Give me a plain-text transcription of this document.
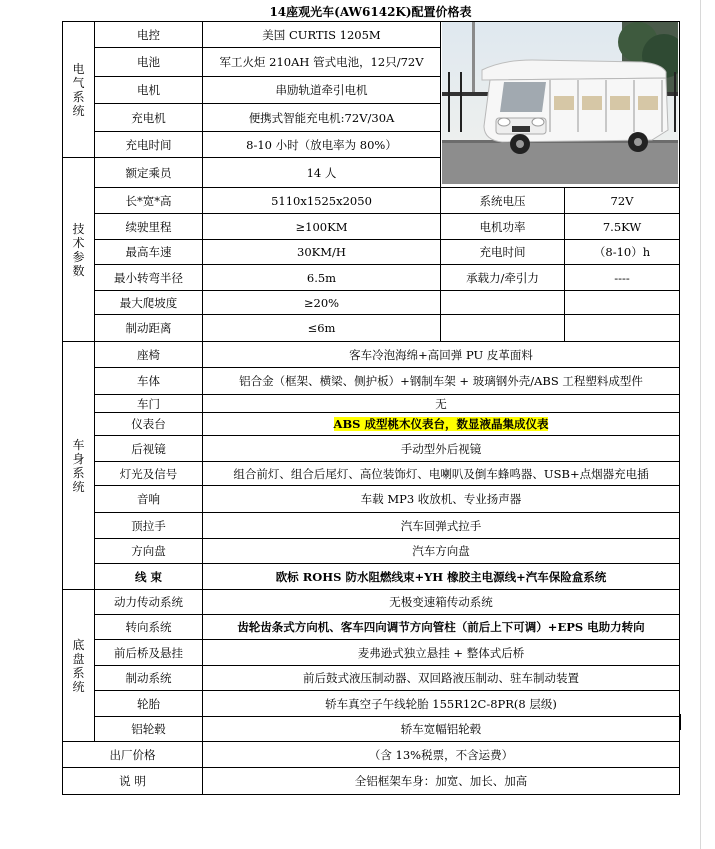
14座观光车(AW6142K)配置价格表
电
气
系
统	电控	美国 CURTIS 1205M	
	电池	军工火炬 210AH 管式电池，12只/72V		
	电机	串励轨道牵引电机		
	充电机	便携式智能充电机:72V/30A		
	充电时间	8-10 小时（放电率为 80%）		

技
术
参
数	额定乘员	14 人		
	长*宽*高	5110x1525x2050	系统电压	72V
	续驶里程	≥100KM	电机功率	7.5KW
	最高车速	30KM/H	充电时间	（8-10）h
	最小转弯半径	6.5m	承载力/牵引力	----
	最大爬坡度	≥20%		
	制动距离	≤6m		

车
身
系
统	座椅	客车冷泡海绵+高回弹 PU 皮革面料		
	车体	铝合金（框架、横梁、侧护板）+钢制车架 + 玻璃钢外壳/ABS 工程塑料成型件		
	车门	无		
	仪表台	ABS 成型桃木仪表台，数显液晶集成仪表		
	后视镜	手动型外后视镜		
	灯光及信号	组合前灯、组合后尾灯、高位装饰灯、电喇叭及倒车蜂鸣器、USB+点烟器充电插		
	音响	车载 MP3 收放机、专业扬声器		
	顶拉手	汽车回弹式拉手		
	方向盘	汽车方向盘		
	线 束	欧标 ROHS 防水阻燃线束+YH 橡胶主电源线+汽车保险盒系统		

底
盘
系
统	动力传动系统	无极变速箱传动系统		
	转向系统	齿轮齿条式方向机、客车四向调节方向管柱（前后上下可调）+EPS 电助力转向		
	前后桥及悬挂	麦弗逊式独立悬挂 + 整体式后桥		
	制动系统	前后鼓式液压制动器、双回路液压制动、驻车制动装置		
	轮胎	轿车真空子午线轮胎 155R12C-8PR(8 层级)		
	铝轮毂	轿车宽幅铝轮毂		
出厂价格		（含 13%税票，不含运费）		
说 明		全铝框架车身：加宽、加长、加高		
